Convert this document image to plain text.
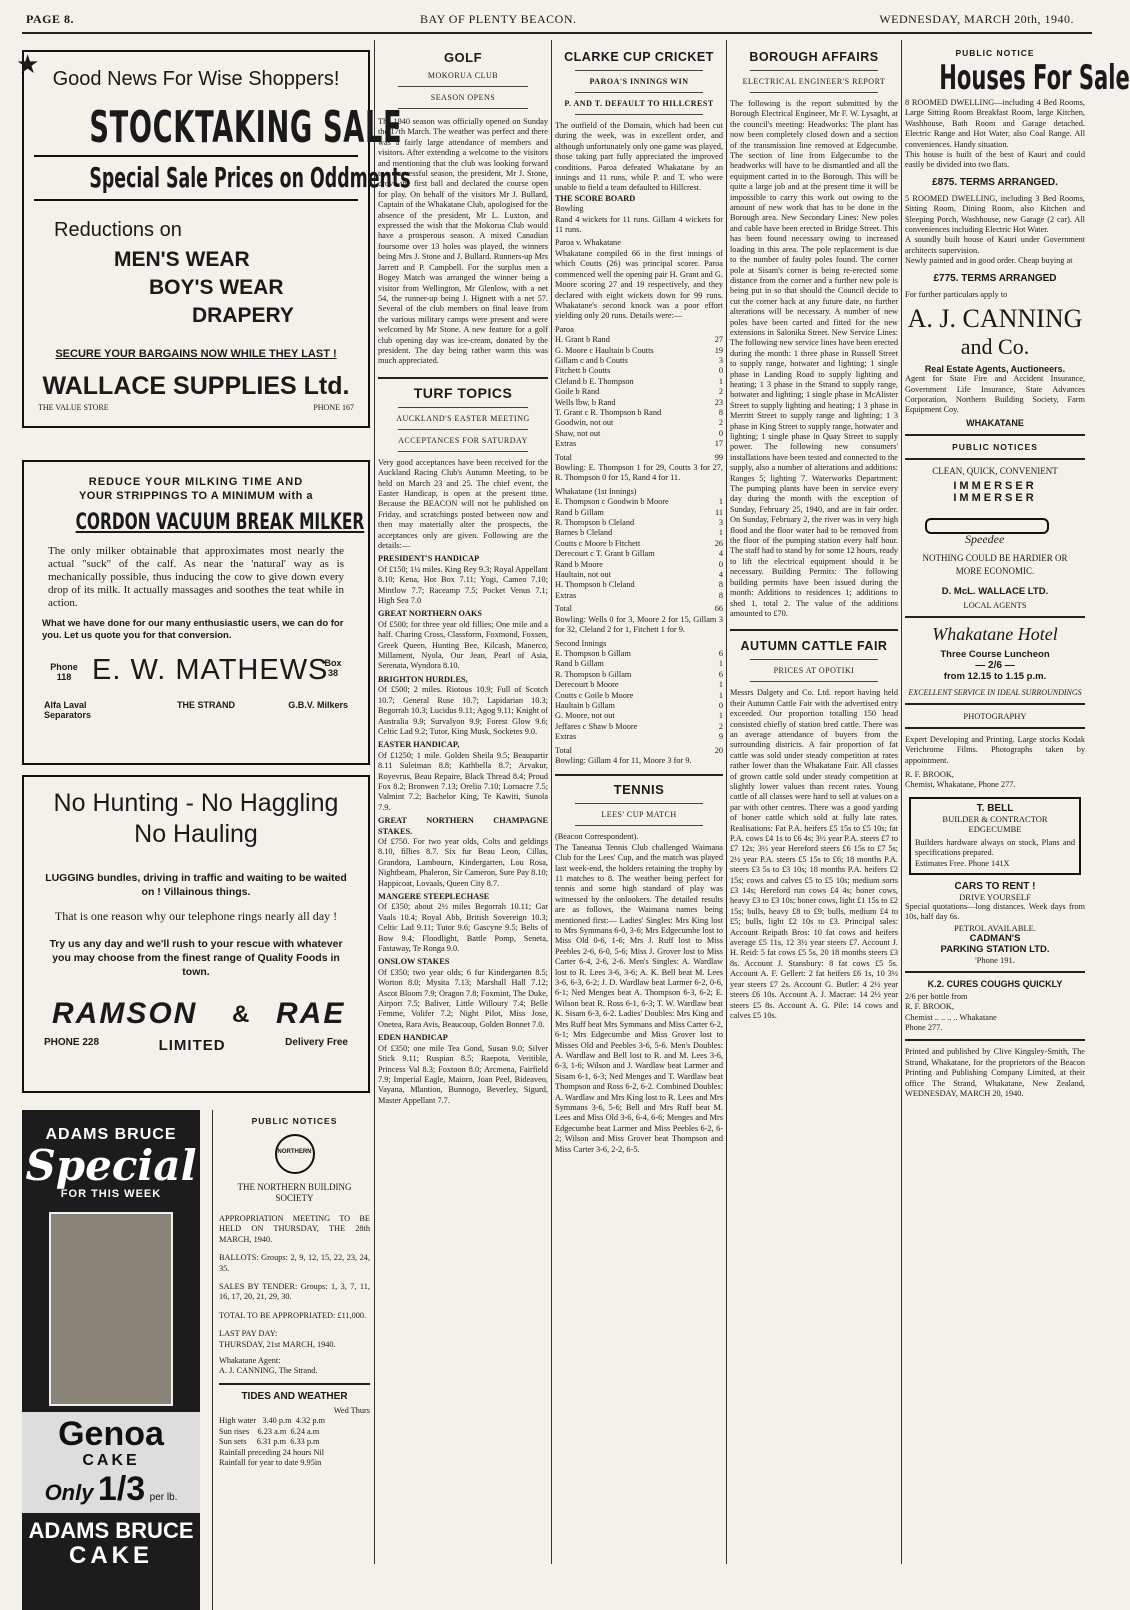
PAGE 8.	BAY OF PLENTY BEACON.	WEDNESDAY, MARCH 20th, 1940.
★ Good News For Wise Shoppers!
STOCKTAKING SALE
Special Sale Prices on Oddments
Reductions on
MEN'S WEAR
BOY'S WEAR
DRAPERY
SECURE YOUR BARGAINS NOW WHILE THEY LAST !
WALLACE SUPPLIES Ltd.
THE VALUE STORE	PHONE 167
REDUCE YOUR MILKING TIME AND
YOUR STRIPPINGS TO A MINIMUM with a
CORDON VACUUM BREAK MILKER
The only milker obtainable that approximates most nearly the actual "suck" of the calf. As near the 'natural' way as is mechanically possible, thus inducing the cow to give down every drop of its milk. It actually massages and soothes the teat while in action.
What we have done for our many enthusiastic users, we can do for you. Let us quote you for that conversion.
Phone 118 E. W. MATHEWS
Box 38
Alfa Laval Separators
THE STRAND	G.B.V. Milkers
No Hunting - No Haggling
No Hauling
LUGGING bundles, driving in traffic and waiting to be waited on ! Villainous things.
That is one reason why our telephone rings nearly all day !
Try us any day and we'll rush to your rescue with whatever you may choose from the finest range of Quality Foods in town.
RAMSON & RAE
PHONE 228	LIMITED	Delivery Free
ADAMS BRUCE
Special
FOR THIS WEEK
Genoa
CAKE
Only 1/3 per lb.
ADAMS BRUCE
CAKE
PUBLIC NOTICES
NORTHERN
THE NORTHERN BUILDING SOCIETY
APPROPRIATION MEETING TO BE HELD ON THURSDAY, THE 28th MARCH, 1940.
BALLOTS: Groups: 2, 9, 12, 15, 22, 23, 24, 35.
SALES BY TENDER: Groups: 1, 3, 7, 11, 16, 17, 20, 21, 29, 30.
TOTAL TO BE APPROPRIATED: £11,000.
LAST PAY DAY:
THURSDAY, 21st MARCH, 1940.
Whakatane Agent:
A. J. CANNING, The Strand.
TIDES AND WEATHER
Wed Thurs
High water   3.40 p.m  4.32 p.m
Sun rises    6.23 a.m  6.24 a.m
Sun sets     6.31 p.m  6.33 p.m
Rainfall preceding 24 hours Nil
Rainfall for year to date 9.95in
GOLF
MOKORUA CLUB
SEASON OPENS
The 1940 season was officially opened on Sunday the 17th March. The weather was perfect and there was a fairly large attendance of members and visitors. After extending a welcome to the visitors and mentioning that the club was looking forward to a successful season, the president, Mr J. Stone, drove the first ball and declared the course open for play. On behalf of the visitors Mr J. Bullard, Captain of the Whakatane Club, apologised for the absence of the president, Mr L. Luxton, and expressed the wish that the Mokorua Club would have a prosperous season. A mixed Canadian foursome over 13 holes was played, the winners being Mrs J. Stone and J. Bullard. Runners-up Mrs Jarrett and P. Campbell. For the surplus men a Bogey Match was arranged the winner being a visitor from Wellington, Mr Glenlow, with a net 54, the runner-up being J. Hignett with a net 57. Several of the club members on final leave from the various military camps were present and were welcomed by Mr Stone. A new feature for a golf club opening day was ice-cream, donated by the president. The day being rather warm this was much appreciated.
TURF TOPICS
AUCKLAND'S EASTER MEETING
ACCEPTANCES FOR SATURDAY
Very good acceptances have been received for the Auckland Racing Club's Autumn Meeting, to be held on March 23 and 25. The chief event, the Easter Handicap, is open at the present time. Because the BEACON will not be published on Friday, and scratchings posted between now and then may materially alter the prospects, the acceptances only are given. Following are the details:—
PRESIDENT'S HANDICAP
Of £150; 1¼ miles. King Rey 9.3; Royal Appellant 8.10; Kena, Hot Box 7.11; Yogi, Cameo 7.10; Mintlow 7.7; Raceamp 7.5; Pocket Venus 7.1; High Sea 7.0
GREAT NORTHERN OAKS
Of £500; for three year old fillies; One mile and a half. Charing Cross, Classform, Foxmond, Foxsen, Greek Queen, Hunting Bee, Kilcash, Manerco, Millament, Nyola, Our Jean, Pearl of Asia, Serenata, Wyndora 8.10.
BRIGHTON HURDLES,
Of £500; 2 miles. Riotous 10.9; Full of Scotch 10.7; General Ruse 10.7; Lapidarian 10.3; Begorrah 10.3; Lucidus 9.11; Agog 9.11; Knight of Australia 9.9; Survalyon 9.9; Forest Glow 9.6; Celtic Lad 9.2; Tutor, King Musk, Socketes 9.0.
EASTER HANDICAP,
Of £1250; 1 mile. Golden Sheila 9.5; Beaupartir 8.11 Suleiman 8.8; Kathbella 8.7; Arvakur, Royevrus, Beau Repaire, Black Thread 8.4; Proud Fox 8.2; Bronwen 7.13; Orelio 7.10; Lornacre 7.5; Valmint 7.2; Bachelor King, Te Kawiti, Sunola 7.9.
GREAT NORTHERN CHAMPAGNE STAKES.
Of £750. For two year olds, Colts and geldings 8.10, fillies 8.7. Six fur Beau Leon, Cillas, Grandora, Lambourn, Kindergarten, Lou Rosa, Nightbeam, Phaleron, Sir Cameron, Sure Pay 8.10; Happicoat, Lovaals, Queen City 8.7.
MANGERE STEEPLECHASE
Of £350; about 2½ miles Begorrah 10.11; Gar Vaals 10.4; Royal Abb, British Sovereign 10.3; Celtic Lad 9.11; Tutor 9.6; Gascyne 9.5; Belts of Bow 9.4; Floodlight, Battle Pomp, Seneta, Fastaway, Te Ronga 9.0.
ONSLOW STAKES
Of £350; two year olds; 6 fur Kindergarten 8.5; Worton 8.0; Mysita 7.13; Marshall Hall 7.12; Ascot Bloom 7.9; Oragon 7.8; Foxmint, The Duke, Airport 7.5; Baliver, Little Willoury 7.4; Belle Femme, Volifer 7.2; Night Pilot, Miss Jose, Onetea, Rara Avis, Beaucoup, Golden Bonnet 7.0.
EDEN HANDICAP
Of £350; one mile Tea Gond, Susan 9.0; Silver Stick 9.11; Ruspian 8.5; Raepota, Veritible, Princess Val 8.3; Foxtoon 8.0; Arcmena, Fairfield 7.9; Imperial Eagle, Maioro, Joan Peel, Bideaveo, Vayana, Mlantion, Bunnogo, Beverley, Sigurd, Master Appellant 7.7.
CLARKE CUP CRICKET
PAROA'S INNINGS WIN
P. AND T. DEFAULT TO HILLCREST
The outfield of the Domain, which had been cut during the week, was in excellent order, and although unfortunately only one game was played, those taking part fully appreciated the improved conditions. Paroa defeated Whakatane by an innings and 11 runs, while P. and T. who were unable to field a team defaulted to Hillcrest.
THE SCORE BOARD
Bowling
Rand 4 wickets for 11 runs. Gillam 4 wickets for 11 runs.
Paroa v. Whakatane
Whakatane compiled 66 in the first innings of which Coutts (26) was principal scorer. Paroa commenced well the opening pair H. Grant and G. Moore scoring 27 and 19 respectively, and they declared with eight wickets down for 99 runs. Whakatane's second knock was a poor effort yielding only 20 runs. Details were:—
Paroa
H. Grant b Rand	27
G. Moore c Haultain b Coutts	19
Gillam c and b Coutts	3
Fitchett b Coutts	0
Cleland b E. Thompson	1
Goile b Rand	2
Wells lbw, b Rand	23
T. Grant c R. Thompson b Rand	8
Goodwin, not out	2
Shaw, not out	0
Extras	17
Total	99
Bowling: E. Thompson 1 for 29, Coutts 3 for 27, R. Thompson 0 for 15, Rand 4 for 11.
Whakatane (1st Innings)
E. Thompson c Goodwin b Moore	1
Rand b Gillam	11
R. Thompson b Cleland	3
Barnes b Cleland	1
Coutts c Moore b Fitchett	26
Derecourt c T. Grant b Gillam	4
Rand b Moore	0
Haultain, not out	4
H. Thompson b Cleland	8
Extras	8
Total	66
Bowling: Wells 0 for 3, Moore 2 for 15, Gillam 3 for 32, Cleland 2 for 1, Fitchett 1 for 9.
Second Innings
E. Thompson b Gillam	6
Rand b Gillam	1
R. Thompson b Gillam	6
Derecourt b Moore	1
Coutts c Goile b Moore	1
Haultain b Gillam	0
G. Moore, not out	1
Jeffares c Shaw b Moore	2
Extras	9
Total	20
Bowling: Gillam 4 for 11, Moore 3 for 9.
TENNIS
LEES' CUP MATCH
(Beacon Correspondent).
The Taneatua Tennis Club challenged Waimana Club for the Lees' Cup, and the match was played last week-end, the holders retaining the trophy by 11 matches to 8. The weather being perfect for tennis and some high standard of play was witnessed by the onlookers. The detailed results are as follows, the Waimana names being mentioned first:— Ladies' Singles: Mrs King lost to Mrs Symmans 6-0, 3-6; Mrs Edgecumbe lost to Miss Old 0-6, 1-6; Mrs J. Ruff lost to Miss Peebles 2-6, 6-0, 5-6; Miss J. Grover lost to Miss Carter 6-4, 2-6, 2-6. Men's Singles: A. Wardlaw lost to R. Lees 3-6, 3-6; A. K. Bell beat M. Lees 3-6, 6-3, 6-2; J. D. Wardlaw beat Larmer 6-2, 0-6, 6-1; Ned Menges beat A. Thompson 6-3, 6-2; E. Wilson beat R. Ross 6-1, 6-3; T. W. Wardlaw beat K. Sisam 6-3, 6-2. Ladies' Doubles: Mrs King and Mrs Ruff beat Mrs Symmans and Miss Carter 6-2, 6-1; Mrs Edgecumbe and Miss Grover lost to Misses Old and Peebles 3-6, 5-6. Men's Doubles: A. Wardlaw and Bell lost to R. and M. Lees 3-6, 6-3, 1-6; Wilson and J. Wardlaw beat Larmer and Sisam 6-1, 6-3; Ned Menges and T. Wardlaw beat Thompson and Ross 6-2, 6-2. Combined Doubles: A. Wardlaw and Mrs King lost to R. Lees and Mrs Symmans 3-6, 5-6; Bell and Mrs Ruff beat M. Lees and Miss Old 3-6, 6-4, 6-6; Menges and Mrs Edgecumbe beat Larmer and Miss Peebles 6-2, 6-2; Wilson and Miss Grover beat Thompson and Miss Carter 3-6, 2-2, 6-5.
BOROUGH AFFAIRS
ELECTRICAL ENGINEER'S REPORT
The following is the report submitted by the Borough Electrical Engineer, Mr F. W. Lysaght, at the council's meeting: Headworks: The plant has now been completely closed down and a section of the transmission line removed at Edgecumbe. The section of line from Edgecumbe to the headworks will have to be dismantled and all the equipment carted in to the Borough. This will be quite a large job and at the present time it will be impossible to carry this work out owing to the amount of new work that has to be done in the Borough area. New Secondary Lines: New poles and cable have been erected in Bridge Street. This has been found necessary owing to increased loading in this area. The pole replacement is due to the number of faulty poles found. The corner pole at Sisam's corner is being re-erected some distance from the corner and a further new pole is being put in so that should the Council decide to cut the corner back at any future date, no further alterations will be necessary. A number of new poles have been carted and fitted for the new extensions in Salonika Street. New Service Lines: The following new service lines have been erected during the month: 1 three phase in Russell Street to supply range, hotwater and lighting; 1 single phase in Landing Road to supply lighting and heating; 1 3 phase in the Strand to supply range, hotwater and lighting; 1 single phase in McAlister Street to supply lighting and heating; 1 3 phase in Merritt Street to supply range and lighting; 1 3 phase in King Street to supply range, hotwater and lighting; 1 single phase in Quay Street to supply power. The following new consumers' installations have been tested and connected to the supply, also a number of alterations and additions: Ranges 5; lighting 7. Waterworks Department: The pumping plants have been in service every day during the month with the exception of Sunday, February 25, 1940, and are in fair order. On Sunday, February 2, the river was in very high flood and the floor water had to be removed from the floor of the pumping station every half hour. The staff had to stand by for some 12 hours, ready to lift the electrical equipment should it be necessary. Building Permits: The following building permits have been issued during the month: Additions to residences 1; additions to shed 1, total 2. The value of the additions amounted to £70.
AUTUMN CATTLE FAIR
PRICES AT OPOTIKI
Messrs Dalgety and Co. Ltd. report having held their Autumn Cattle Fair with the advertised entry exceeded. Our proportion totalling 150 head consisted chiefly of station bred cattle. There was an average attendance of buyers from the surrounding districts. A fair proportion of fat cattle was sold under steady competition at rates rather lower than the Whakatane Fair. All classes of grown cattle sold under steady competition at slightly lower values than recent rates. Young cattle of all classes were hard to sell at values on a par with other centres. There was a good yarding of boner cattle which sold at fully late rates. Realisations: Fat P.A. heifers £5 15s to £5 10s; fat P.A. cows £4 1s to £6 4s; 3½ year P.A. steers £7 to £7 12s; 3½ year Hereford steers £6 15s to £7 5s; 2½ year P.A. steers £5 15s to £6; 18 months P.A. steers £3 5s to £3 10s; 18 months P.A. heifers £2 15s; cows and calves £5 to £5 10s; medium sorts £3 14s; Hereford run cows £4 4s; boner cows, heavy £3 to £3 10s; boner cows, light £1 15s to £2 15s; bulls, heavy £8 to £9; bulls, medium £4 to £5; bulls, light £2 10s to £3. Principal sales: Account Reipath Bros: 10 fat cows and heifers average £5 11s, 12 3½ year steers £7. Account J. H. Reid: 5 fat cows £5 5s, 20 18 months steers £3 8s. Account J. Stansbury: 8 fat cows £5 5s. Account A. F. Gellert: 2 fat heifers £6 1s, 10 3½ year steers £7 2s. Account G. Butler: 4 2½ year steers £6 10s. Account A. J. Macrae: 14 2½ year steers £5 8s. Account A. G. Pile: 14 cows and calves £5 10s.
PUBLIC NOTICE
Houses For Sale
8 ROOMED DWELLING—including 4 Bed Rooms, Large Sitting Room Breakfast Room, large Kitchen, Washhouse, Bath Room and Garage detached. Electric Range and Hot Water, also Coal Range. All conveniences. Handy situation.
This house is built of the best of Kauri and could easily be divided into two flats.
£875. TERMS ARRANGED.
5 ROOMED DWELLING, including 3 Bed Rooms, Sitting Room, Dining Room, also Kitchen and Sleeping Porch, Washhouse, new Garage (2 car). All conveniences including Electric Hot Water.
A soundly built house of Kauri under Government architects supervision.
Newly painted and in good order. Cheap buying at
£775. TERMS ARRANGED
For further particulars apply to
A. J. CANNING
and Co.
Real Estate Agents, Auctioneers.
Agent for State Fire and Accident Insurance, Government Life Insurance, State Advances Corporation, Northern Building Society, Farm Equipment Coy.
WHAKATANE
PUBLIC NOTICES
CLEAN, QUICK, CONVENIENT
IMMERSER
IMMERSER
Speedee
NOTHING COULD BE HARDIER OR MORE ECONOMIC.
D. McL. WALLACE LTD.
LOCAL AGENTS
Whakatane Hotel
Three Course Luncheon
— 2/6 —
from 12.15 to 1.15 p.m.
EXCELLENT SERVICE IN IDEAL SURROUNDINGS
PHOTOGRAPHY
Expert Developing and Printing. Large stocks Kodak Verichrome Films. Photographs taken by appointment.
R. F. BROOK,
Chemist, Whakatane, Phone 277.
T. BELL
BUILDER & CONTRACTOR
EDGECUMBE
Builders hardware always on stock, Plans and specifications prepared.
Estimates Free. Phone 141X
CARS TO RENT !
DRIVE YOURSELF
Special quotations—long distances. Week days from 10s, half day 6s.
PETROL AVAILABLE.
CADMAN'S
PARKING STATION LTD.
'Phone 191.
K.2. CURES COUGHS QUICKLY
2/6 per bottle from
R. F. BROOK,
Chemist .. .. .. .. Whakatane
Phone 277.
Printed and published by Clive Kingsley-Smith, The Strand, Whakatane, for the proprietors of the Beacon Printing and Publishing Company Limited, at their office The Strand, Whakatane, New Zealand, WEDNESDAY, MARCH 20, 1940.
